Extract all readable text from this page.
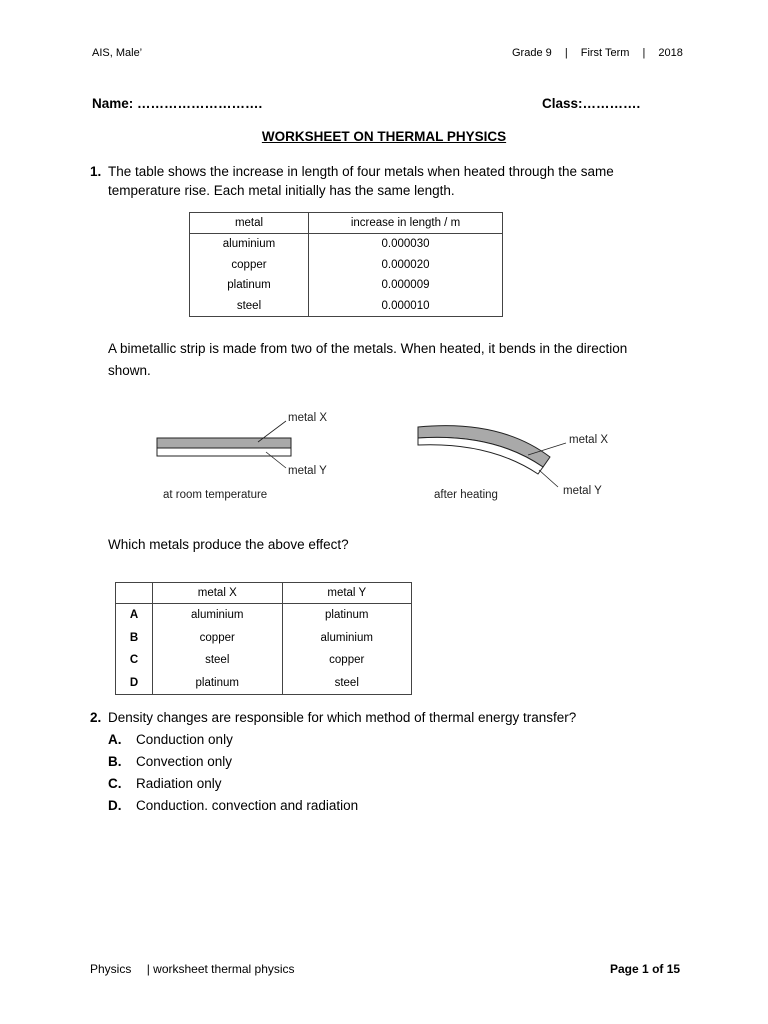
AIS, Male’	Grade 9 | First Term | 2018
Name: ……………………….	Class:………….
WORKSHEET ON THERMAL PHYSICS
1. The table shows the increase in length of four metals when heated through the same
temperature rise. Each metal initially has the same length.
metal	increase in length / m
aluminium	0.000030
copper	0.000020
platinum	0.000009
steel	0.000010
A bimetallic strip is made from two of the metals. When heated, it bends in the direction
shown.
metal X
metal Y
at room temperature
metal X
metal Y
after heating
Which metals produce the above effect?
	metal X	metal Y
A	aluminium	platinum
B	copper	aluminium
C	steel	copper
D	platinum	steel
2. Density changes are responsible for which method of thermal energy transfer?
A. Conduction only
B. Convection only
C. Radiation only
D. Conduction. convection and radiation
Physics | worksheet thermal physics	Page 1 of 15
